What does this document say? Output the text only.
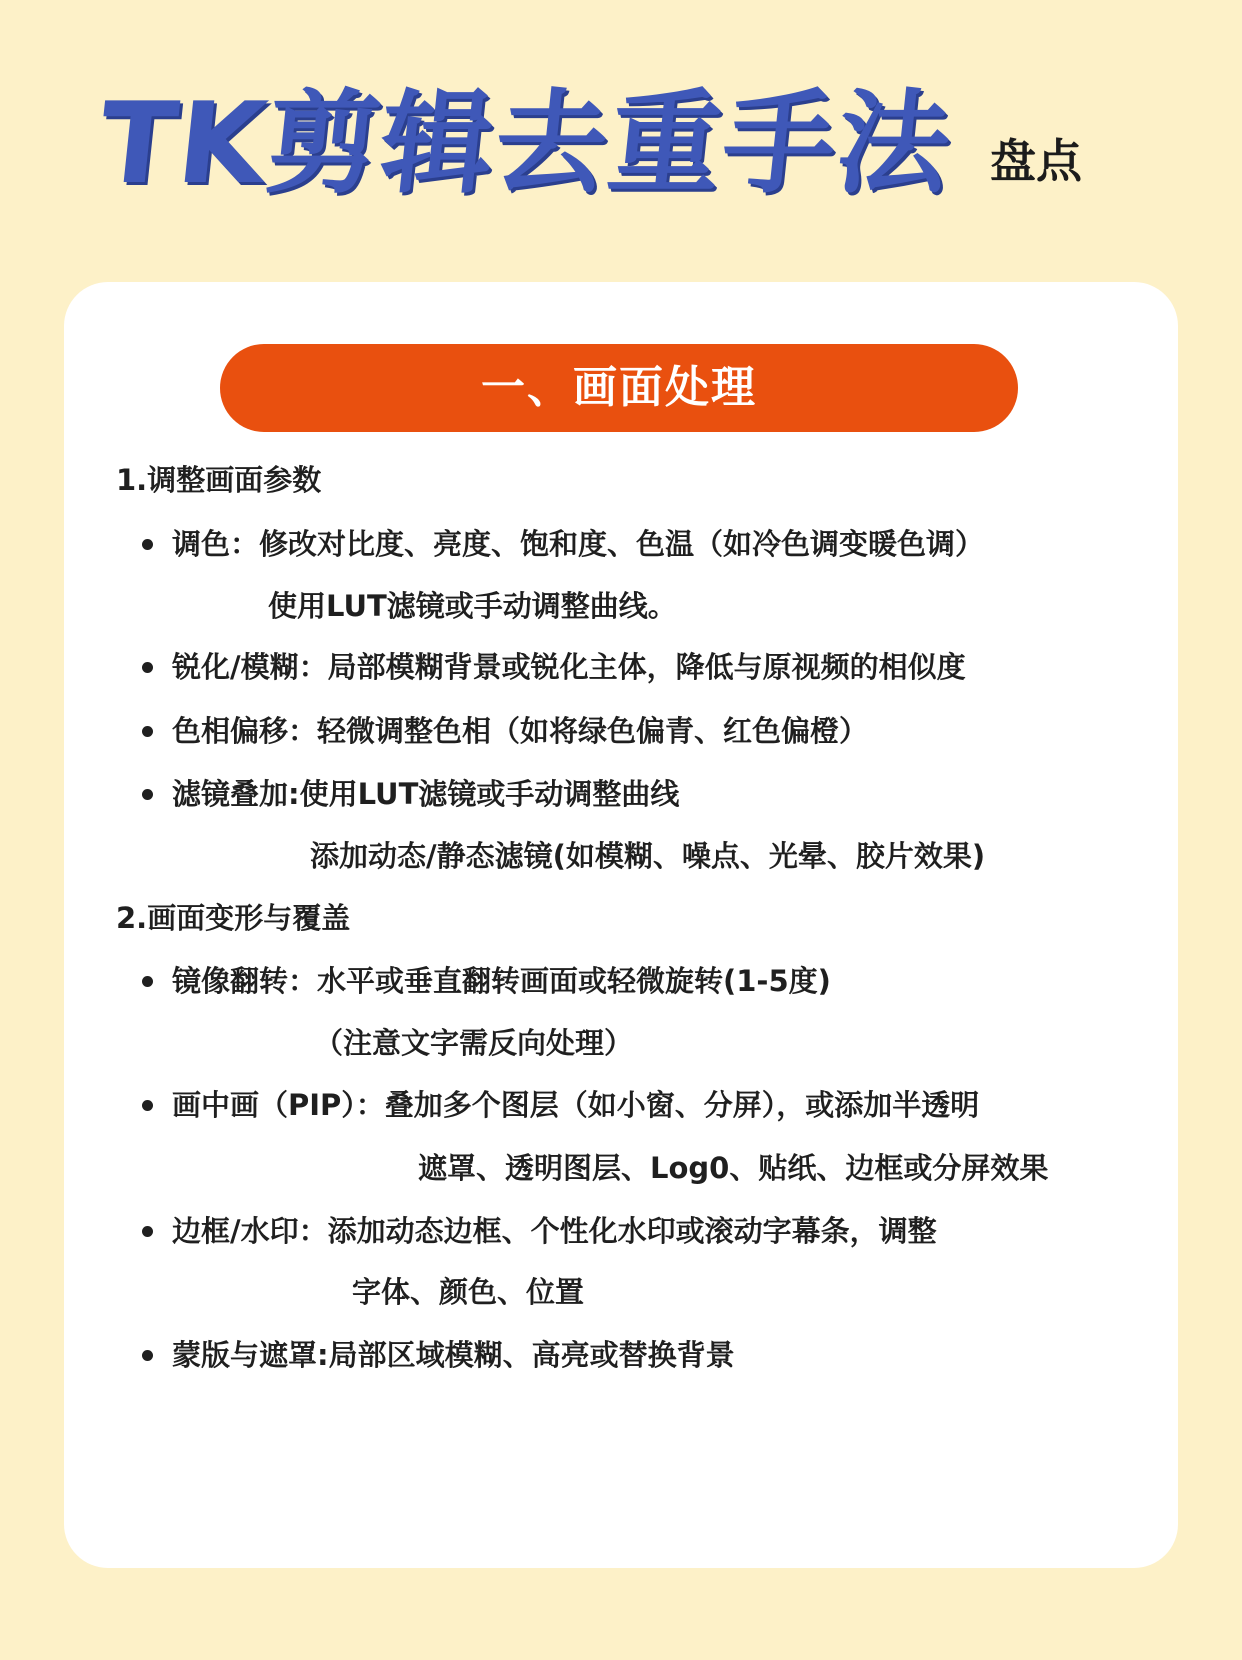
TK剪辑去重手法 盘点
一、画面处理
1.调整画面参数
调色：修改对比度、亮度、饱和度、色温（如冷色调变暖色调）
使用LUT滤镜或手动调整曲线。
锐化/模糊：局部模糊背景或锐化主体，降低与原视频的相似度
色相偏移：轻微调整色相（如将绿色偏青、红色偏橙）
滤镜叠加:使用LUT滤镜或手动调整曲线
添加动态/静态滤镜(如模糊、噪点、光晕、胶片效果)
2.画面变形与覆盖
镜像翻转：水平或垂直翻转画面或轻微旋转(1-5度)
（注意文字需反向处理）
画中画（PIP）：叠加多个图层（如小窗、分屏），或添加半透明
遮罩、透明图层、Log0、贴纸、边框或分屏效果
边框/水印：添加动态边框、个性化水印或滚动字幕条，调整
字体、颜色、位置
蒙版与遮罩:局部区域模糊、高亮或替换背景
